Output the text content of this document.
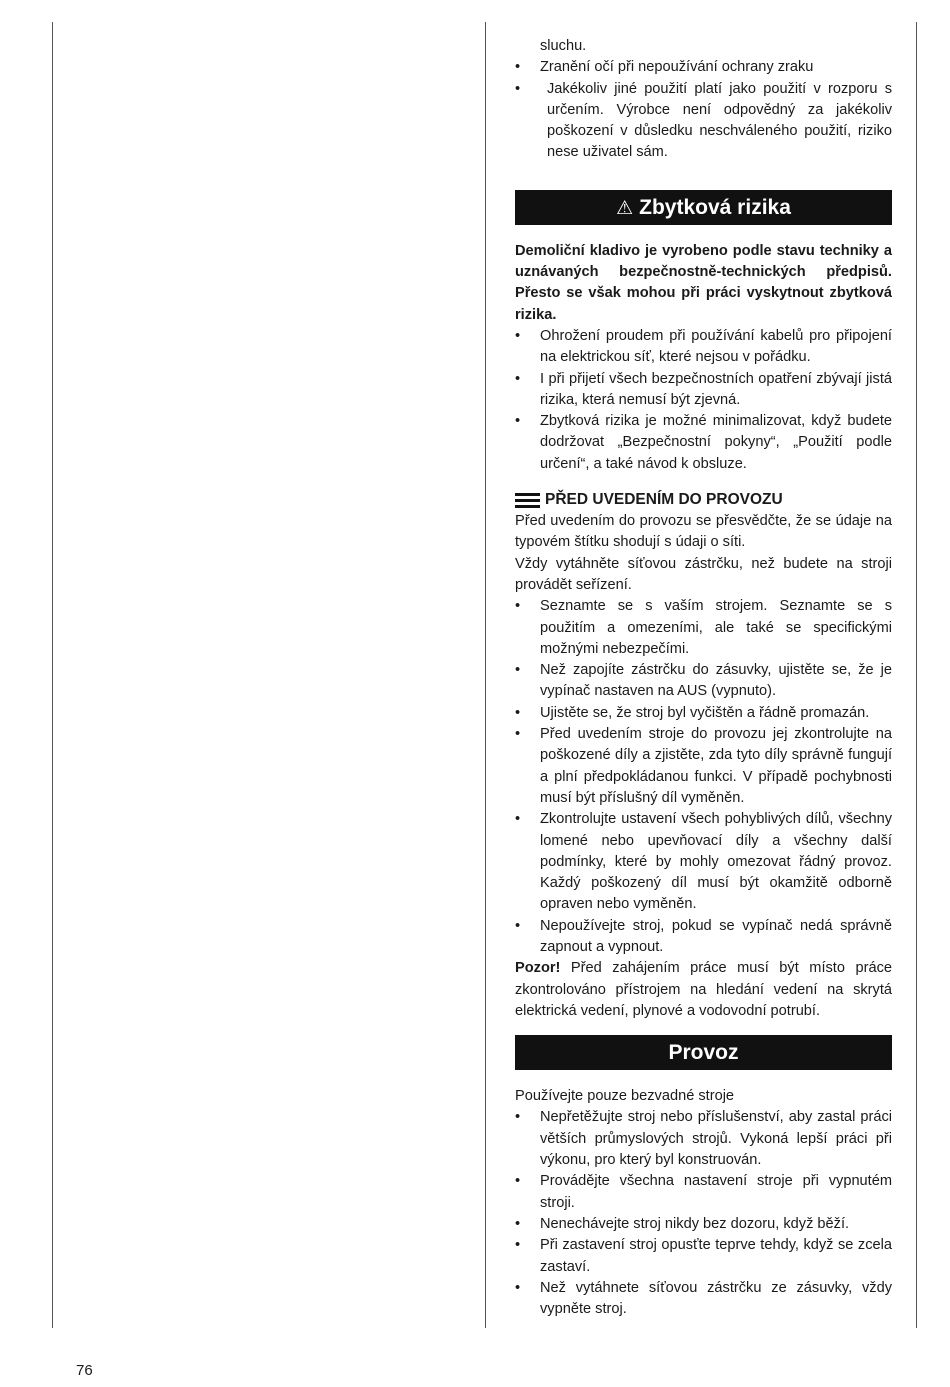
sluchu.
• Zranění očí při nepoužívání ochrany zraku
• Jakékoliv jiné použití platí jako použití v rozporu s určením. Výrobce není odpovědný za jakékoliv poškození v důsledku neschváleného použití, riziko nese uživatel sám.
⚠ Zbytková rizika
Demoliční kladivo je vyrobeno podle stavu techniky a uznávaných bezpečnostně-technických předpisů. Přesto se však mohou při práci vyskytnout zbytková rizika.
• Ohrožení proudem při používání kabelů pro připojení na elektrickou síť, které nejsou v pořádku.
• I při přijetí všech bezpečnostních opatření zbývají jistá rizika, která nemusí být zjevná.
• Zbytková rizika je možné minimalizovat, když budete dodržovat „Bezpečnostní pokyny“, „Použití podle určení“, a také návod k obsluze.
PŘED UVEDENÍM DO PROVOZU
Před uvedením do provozu se přesvědčte, že se údaje na typovém štítku shodují s údaji o síti.
Vždy vytáhněte síťovou zástrčku, než budete na stroji provádět seřízení.
• Seznamte se s vaším strojem. Seznamte se s použitím a omezeními, ale také se specifickými možnými nebezpečími.
• Než zapojíte zástrčku do zásuvky, ujistěte se, že je vypínač nastaven na AUS (vypnuto).
• Ujistěte se, že stroj byl vyčištěn a řádně promazán.
• Před uvedením stroje do provozu jej zkontrolujte na poškozené díly a zjistěte, zda tyto díly správně fungují a plní předpokládanou funkci. V případě pochybnosti musí být příslušný díl vyměněn.
• Zkontrolujte ustavení všech pohyblivých dílů, všechny lomené nebo upevňovací díly a všechny další podmínky, které by mohly omezovat řádný provoz. Každý poškozený díl musí být okamžitě odborně opraven nebo vyměněn.
• Nepoužívejte stroj, pokud se vypínač nedá správně zapnout a vypnout.
Pozor! Před zahájením práce musí být místo práce zkontrolováno přístrojem na hledání vedení na skrytá elektrická vedení, plynové a vodovodní potrubí.
Provoz
Používejte pouze bezvadné stroje
• Nepřetěžujte stroj nebo příslušenství, aby zastal práci větších průmyslových strojů. Vykoná lepší práci při výkonu, pro který byl konstruován.
• Provádějte všechna nastavení stroje při vypnutém stroji.
• Nenechávejte stroj nikdy bez dozoru, když běží.
• Při zastavení stroj opusťte teprve tehdy, když se zcela zastaví.
• Než vytáhnete síťovou zástrčku ze zásuvky, vždy vypněte stroj.
76
